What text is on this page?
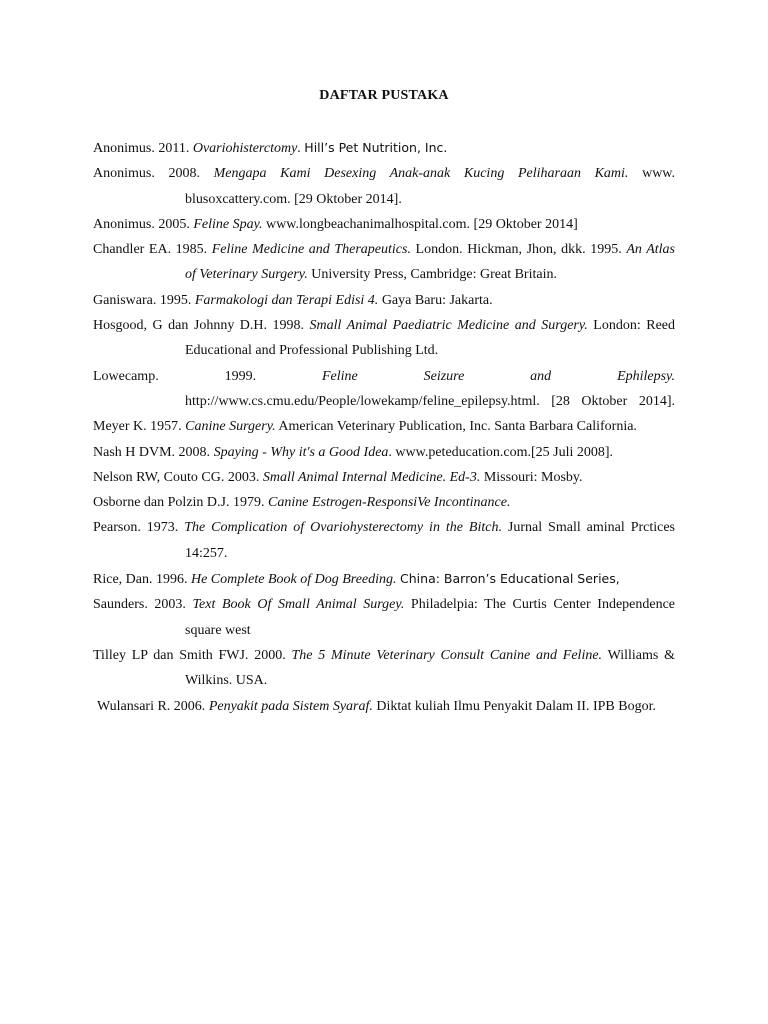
DAFTAR PUSTAKA

Anonimus. 2011. Ovariohisterctomy. Hill’s Pet Nutrition, Inc.

Anonimus. 2008. Mengapa Kami Desexing Anak-anak Kucing Peliharaan Kami. www. blusoxcattery.com. [29 Oktober 2014].

Anonimus. 2005. Feline Spay. www.longbeachanimalhospital.com. [29 Oktober 2014]

Chandler EA. 1985. Feline Medicine and Therapeutics. London. Hickman, Jhon, dkk. 1995. An Atlas of Veterinary Surgery. University Press, Cambridge: Great Britain.

Ganiswara. 1995. Farmakologi dan Terapi Edisi 4. Gaya Baru: Jakarta.

Hosgood, G dan Johnny D.H. 1998. Small Animal Paediatric Medicine and Surgery. London: Reed Educational and Professional Publishing Ltd.

Lowecamp. 1999. Feline Seizure and Ephilepsy. http://www.cs.cmu.edu/People/lowekamp/feline_epilepsy.html. [28 Oktober 2014].

Meyer K. 1957. Canine Surgery. American Veterinary Publication, Inc. Santa Barbara California.

Nash H DVM. 2008. Spaying - Why it's a Good Idea. www.peteducation.com.[25 Juli 2008].

Nelson RW, Couto CG. 2003. Small Animal Internal Medicine. Ed-3. Missouri: Mosby.

Osborne dan Polzin D.J. 1979. Canine Estrogen-ResponsiVe Incontinance.

Pearson. 1973. The Complication of Ovariohysterectomy in the Bitch. Jurnal Small aminal Prctices 14:257.

Rice, Dan. 1996. He Complete Book of Dog Breeding. China: Barron’s Educational Series,

Saunders. 2003. Text Book Of Small Animal Surgey. Philadelpia: The Curtis Center Independence square west

Tilley LP dan Smith FWJ. 2000. The 5 Minute Veterinary Consult Canine and Feline. Williams & Wilkins. USA.

Wulansari R. 2006. Penyakit pada Sistem Syaraf. Diktat kuliah Ilmu Penyakit Dalam II. IPB Bogor.
